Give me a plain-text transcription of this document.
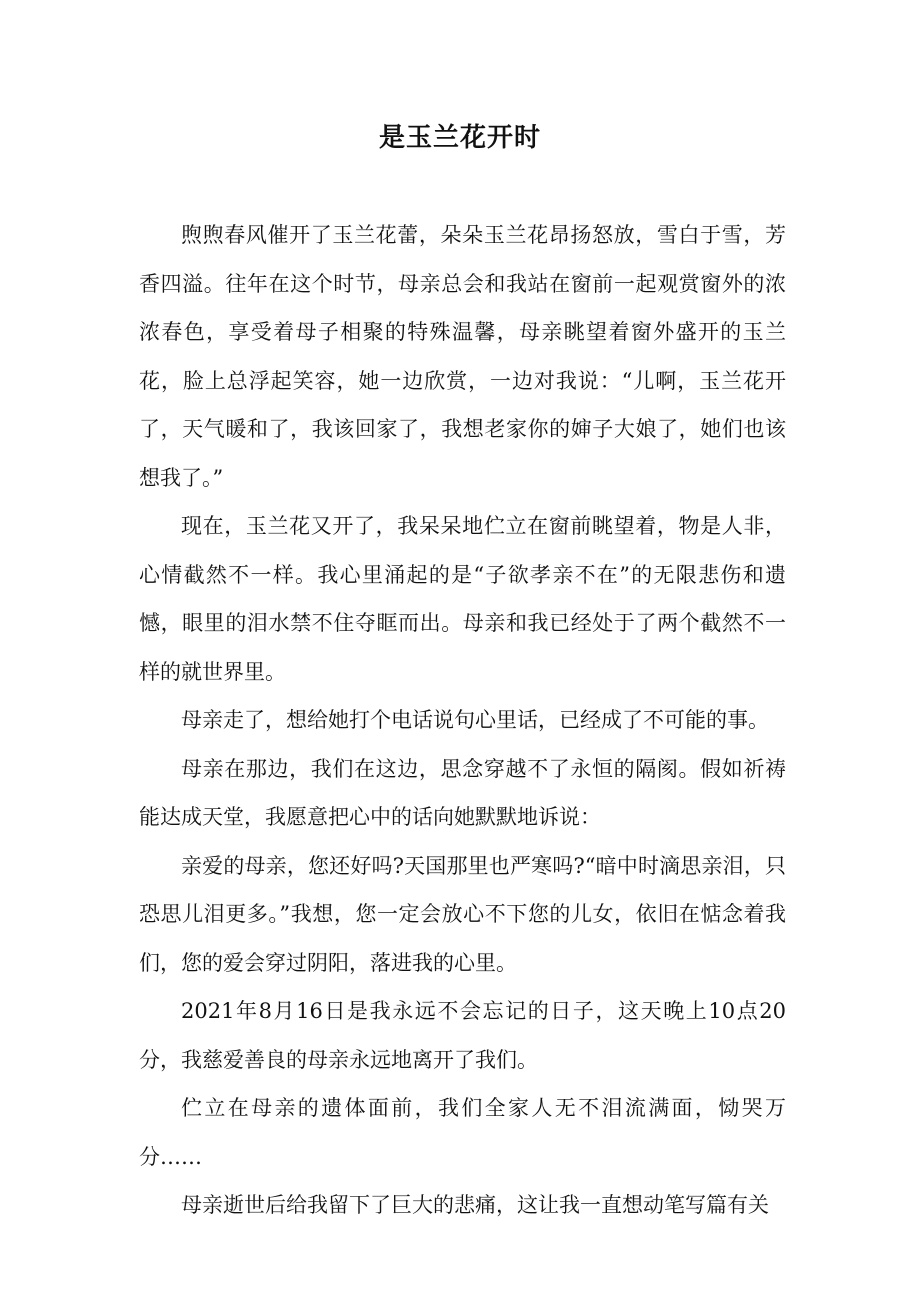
是玉兰花开时

煦煦春风催开了玉兰花蕾，朵朵玉兰花昂扬怒放，雪白于雪，芳香四溢。往年在这个时节，母亲总会和我站在窗前一起观赏窗外的浓浓春色，享受着母子相聚的特殊温馨，母亲眺望着窗外盛开的玉兰花，脸上总浮起笑容，她一边欣赏，一边对我说：“儿啊，玉兰花开了，天气暖和了，我该回家了，我想老家你的婶子大娘了，她们也该想我了。”

现在，玉兰花又开了，我呆呆地伫立在窗前眺望着，物是人非，心情截然不一样。我心里涌起的是“子欲孝亲不在”的无限悲伤和遗憾，眼里的泪水禁不住夺眶而出。母亲和我已经处于了两个截然不一样的就世界里。

母亲走了，想给她打个电话说句心里话，已经成了不可能的事。

母亲在那边，我们在这边，思念穿越不了永恒的隔阂。假如祈祷能达成天堂，我愿意把心中的话向她默默地诉说：

亲爱的母亲，您还好吗?天国那里也严寒吗?“暗中时滴思亲泪，只恐思儿泪更多。”我想，您一定会放心不下您的儿女，依旧在惦念着我们，您的爱会穿过阴阳，落进我的心里。

2021年8月16日是我永远不会忘记的日子，这天晚上10点20分，我慈爱善良的母亲永远地离开了我们。

伫立在母亲的遗体面前，我们全家人无不泪流满面，恸哭万分……

母亲逝世后给我留下了巨大的悲痛，这让我一直想动笔写篇有关
